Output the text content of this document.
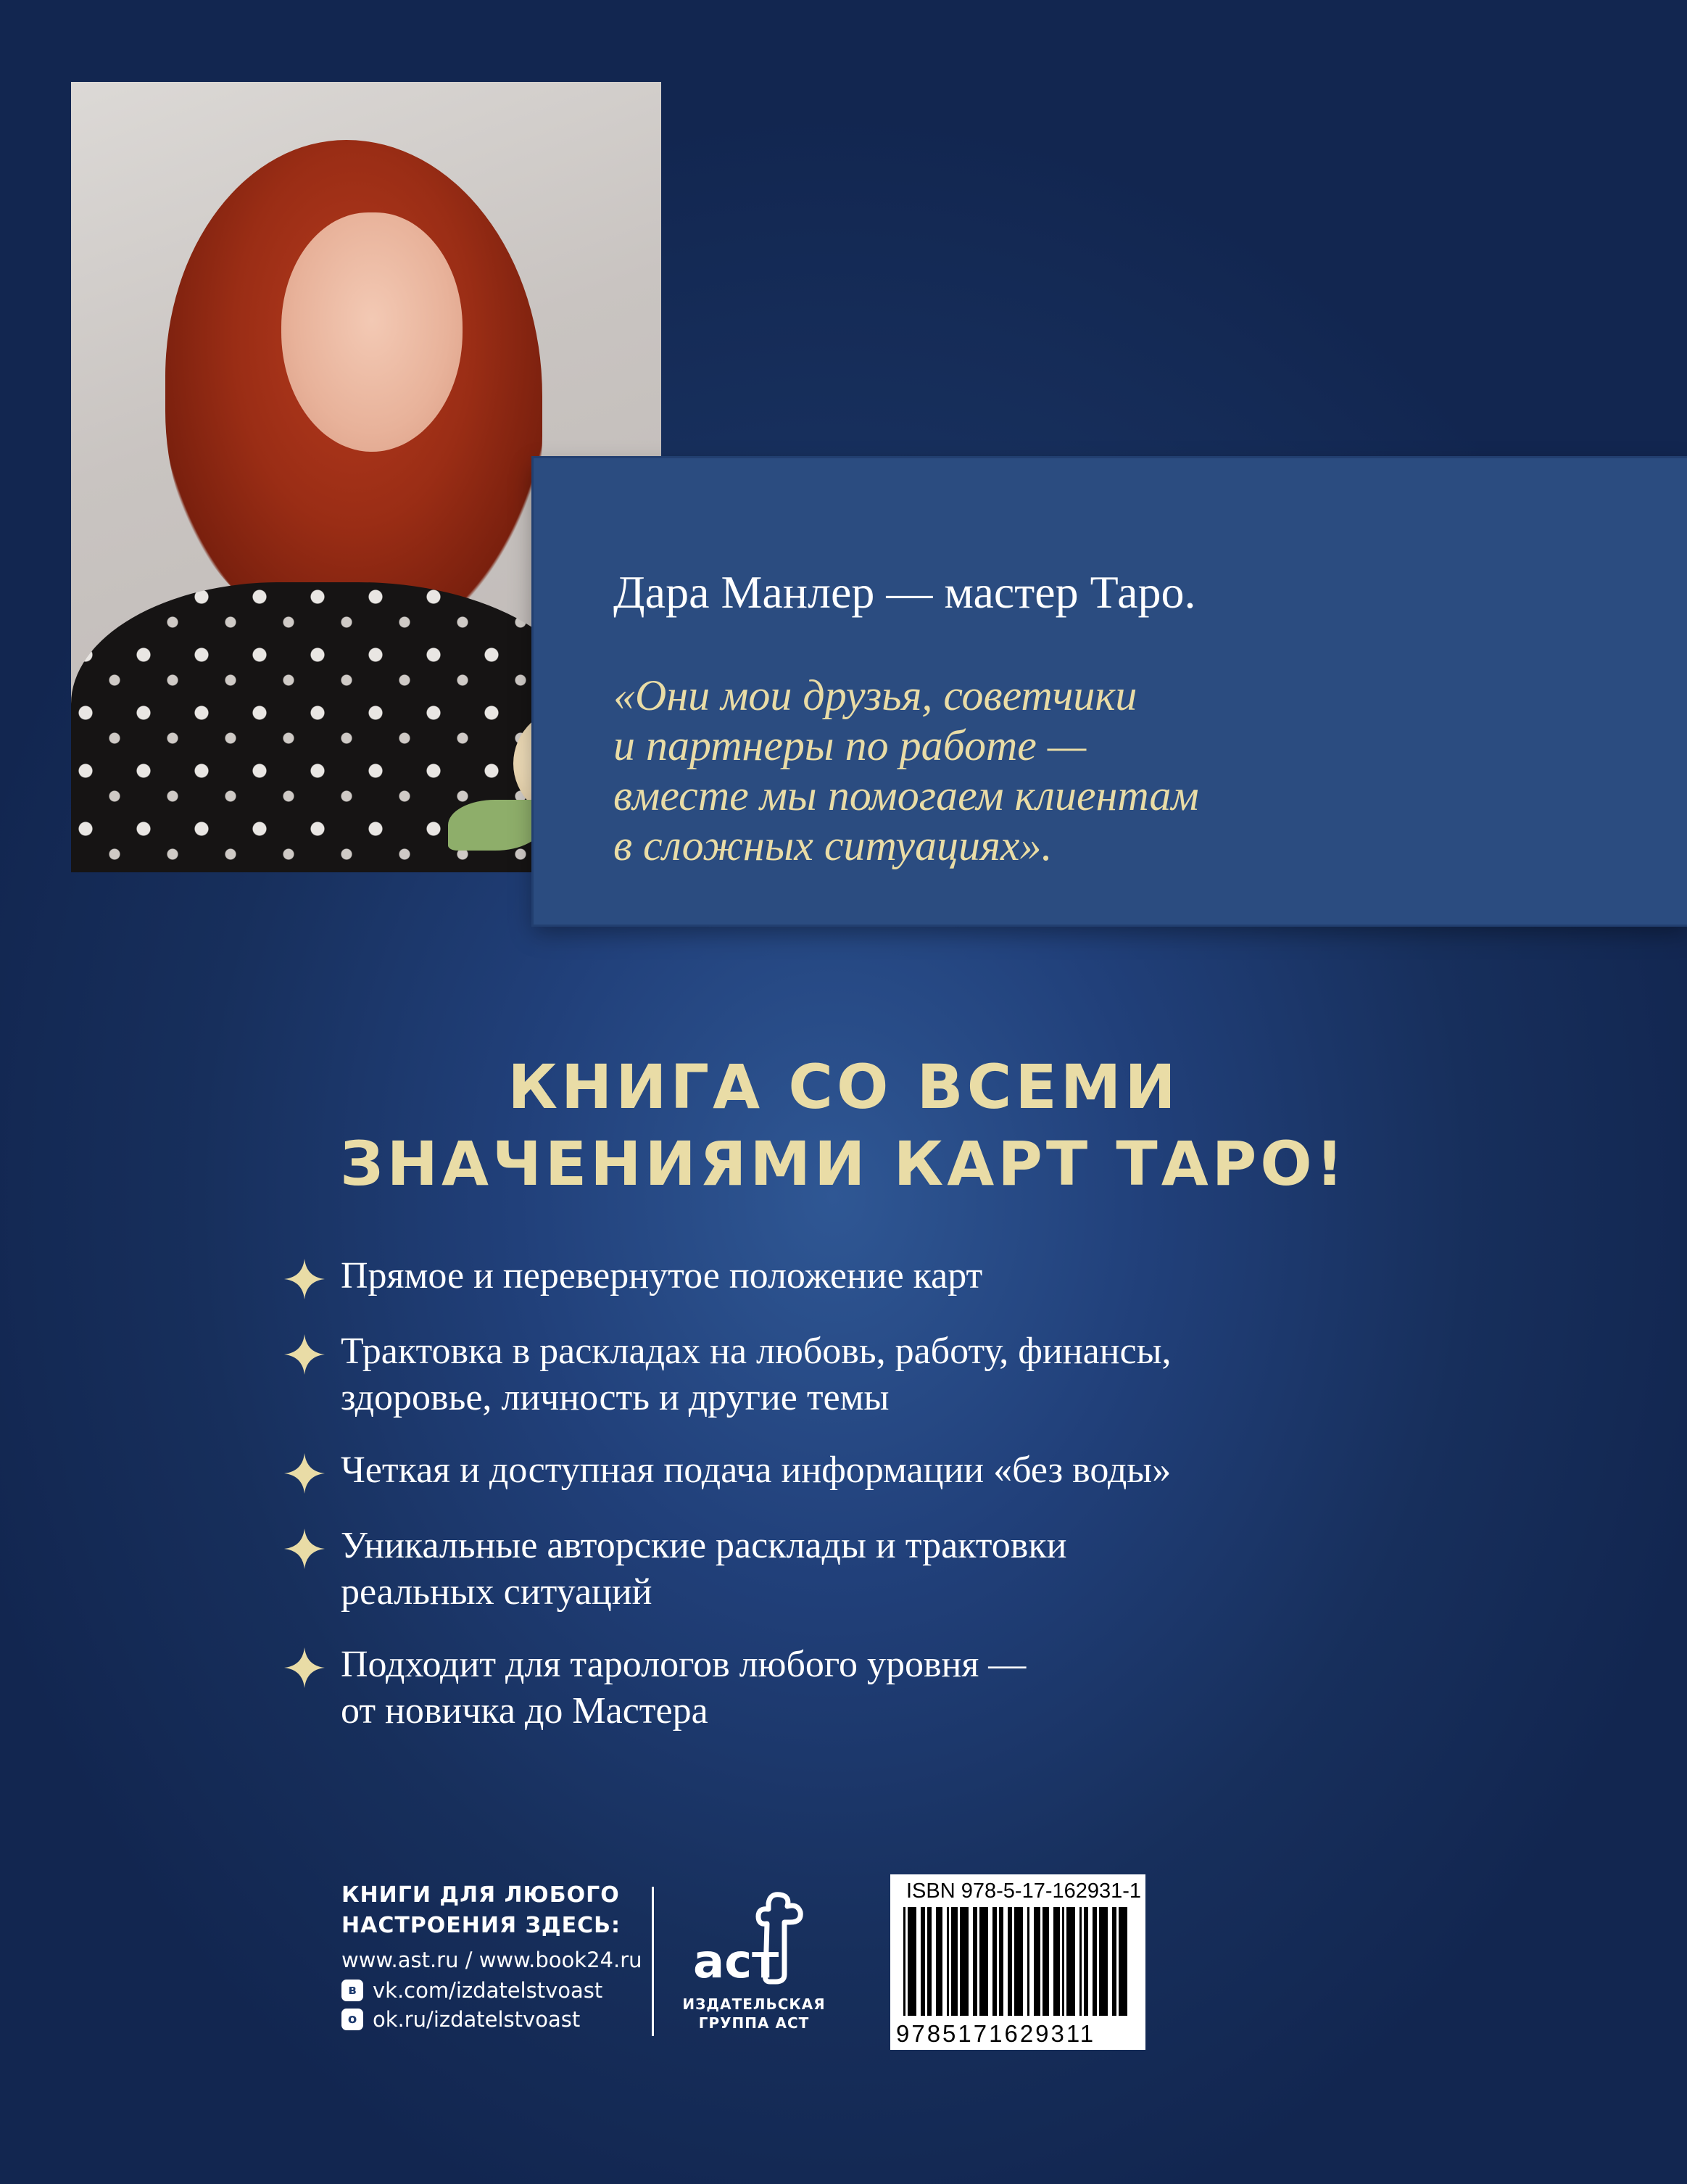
Дара Манлер — мастер Таро.
«Они мои друзья, советчики
и партнеры по работе —
вместе мы помогаем клиентам
в сложных ситуациях».
КНИГА СО ВСЕМИ
ЗНАЧЕНИЯМИ КАРТ ТАРО!
Прямое и перевернутое положение карт
Трактовка в раскладах на любовь, работу, финансы,
здоровье, личность и другие темы
Четкая и доступная подача информации «без воды»
Уникальные авторские расклады и трактовки
реальных ситуаций
Подходит для тарологов любого уровня —
от новичка до Мастера
КНИГИ ДЛЯ ЛЮБОГО
НАСТРОЕНИЯ ЗДЕСЬ:
www.ast.ru / www.book24.ru
в vk.com/izdatelstvoast
о ok.ru/izdatelstvoast
аст
ИЗДАТЕЛЬСКАЯ
ГРУППА АСТ
ISBN 978-5-17-162931-1
9785171629311
